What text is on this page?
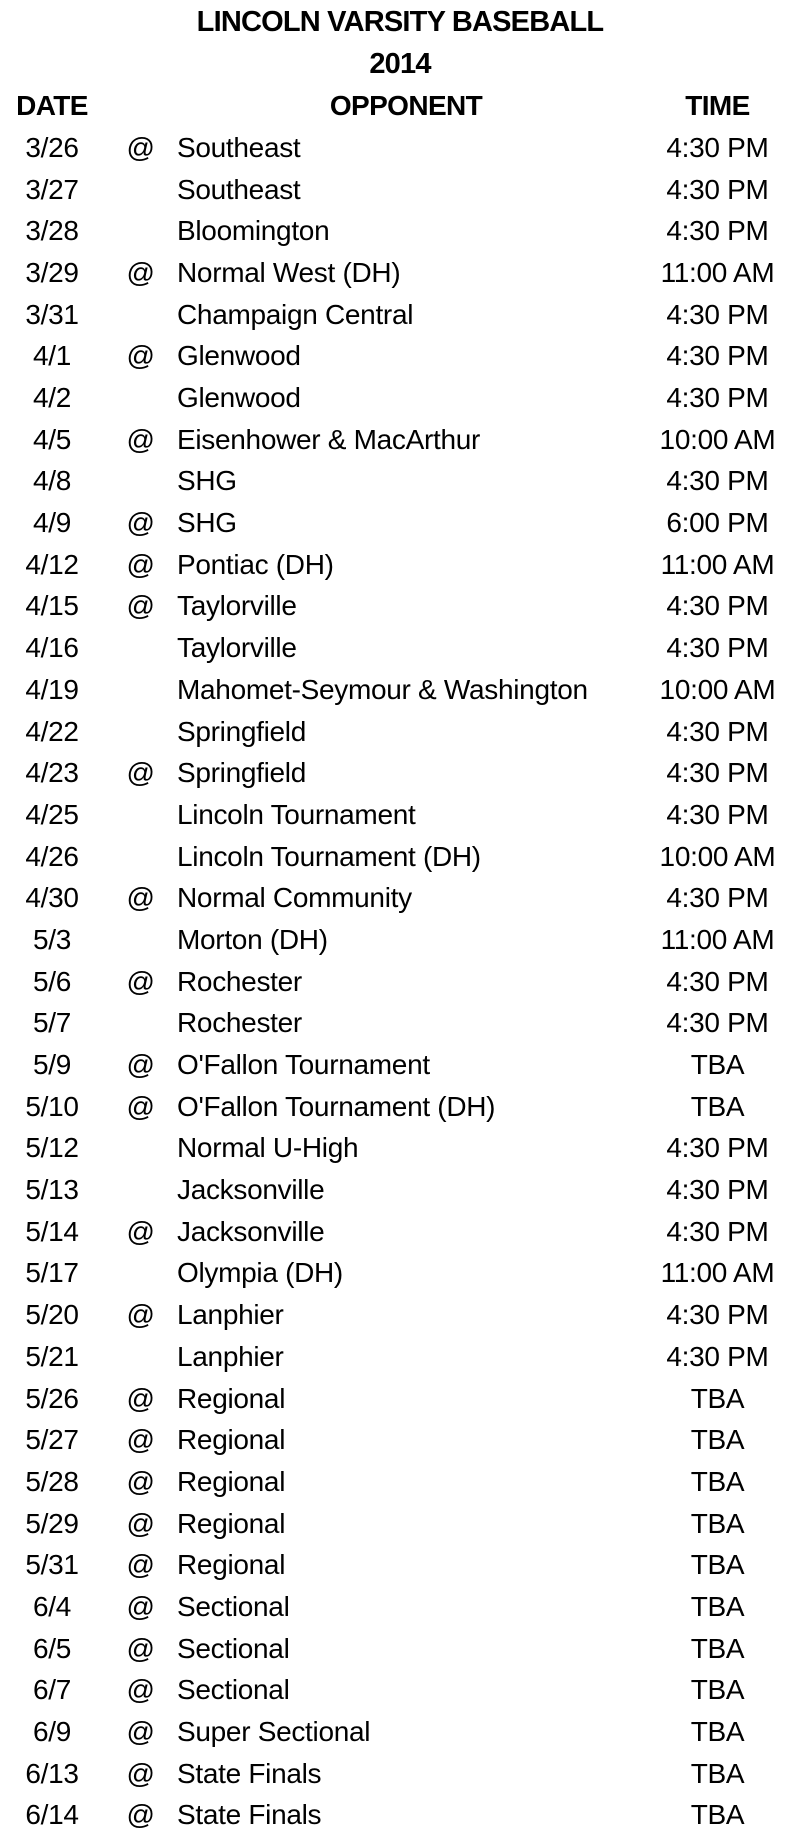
LINCOLN VARSITY BASEBALL
2014
DATE	OPPONENT	TIME
3/26	@ Southeast	4:30 PM
3/27	Southeast	4:30 PM
3/28	Bloomington	4:30 PM
3/29	@ Normal West (DH)	11:00 AM
3/31	Champaign Central	4:30 PM
4/1	@ Glenwood	4:30 PM
4/2	Glenwood	4:30 PM
4/5	@ Eisenhower & MacArthur	10:00 AM
4/8	SHG	4:30 PM
4/9	@ SHG	6:00 PM
4/12	@ Pontiac (DH)	11:00 AM
4/15	@ Taylorville	4:30 PM
4/16	Taylorville	4:30 PM
4/19	Mahomet-Seymour & Washington	10:00 AM
4/22	Springfield	4:30 PM
4/23	@ Springfield	4:30 PM
4/25	Lincoln Tournament	4:30 PM
4/26	Lincoln Tournament (DH)	10:00 AM
4/30	@ Normal Community	4:30 PM
5/3	Morton (DH)	11:00 AM
5/6	@ Rochester	4:30 PM
5/7	Rochester	4:30 PM
5/9	@ O'Fallon Tournament	TBA
5/10	@ O'Fallon Tournament (DH)	TBA
5/12	Normal U-High	4:30 PM
5/13	Jacksonville	4:30 PM
5/14	@ Jacksonville	4:30 PM
5/17	Olympia (DH)	11:00 AM
5/20	@ Lanphier	4:30 PM
5/21	Lanphier	4:30 PM
5/26	@ Regional	TBA
5/27	@ Regional	TBA
5/28	@ Regional	TBA
5/29	@ Regional	TBA
5/31	@ Regional	TBA
6/4	@ Sectional	TBA
6/5	@ Sectional	TBA
6/7	@ Sectional	TBA
6/9	@ Super Sectional	TBA
6/13	@ State Finals	TBA
6/14	@ State Finals	TBA
